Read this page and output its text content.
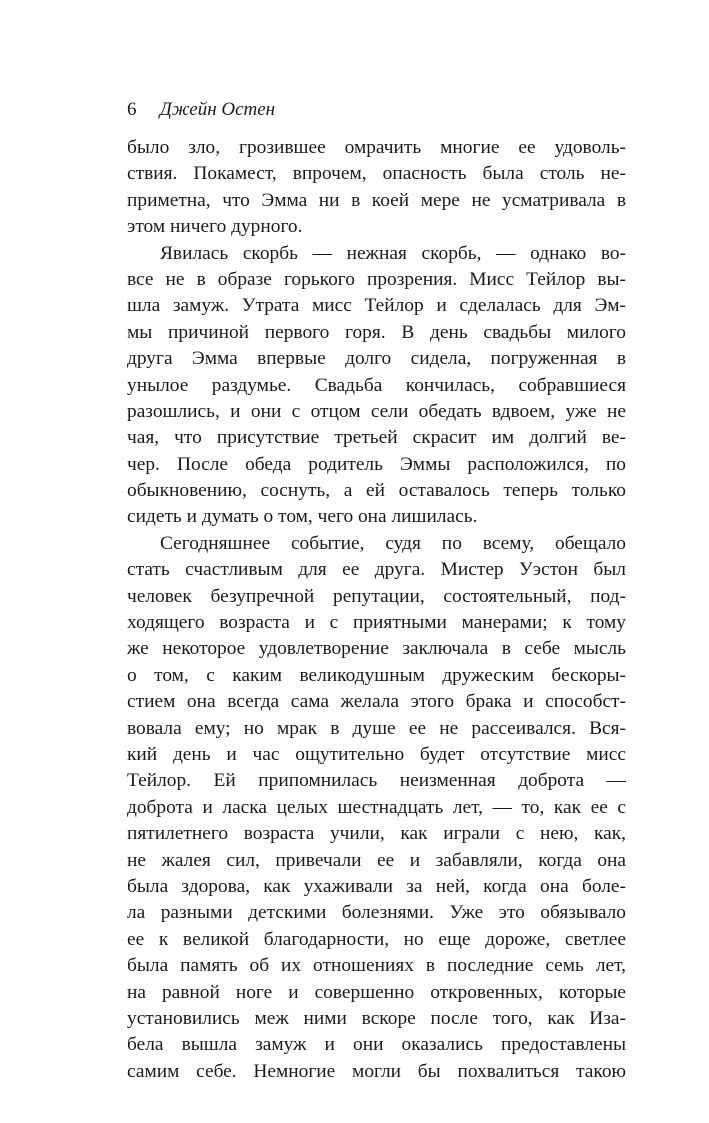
6 Джейн Остен
было зло, грозившее омрачить многие ее удоволь-
ствия. Покамест, впрочем, опасность была столь не-
приметна, что Эмма ни в коей мере не усматривала в
этом ничего дурного.
Явилась скорбь — нежная скорбь, — однако во-
все не в образе горького прозрения. Мисс Тейлор вы-
шла замуж. Утрата мисс Тейлор и сделалась для Эм-
мы причиной первого горя. В день свадьбы милого
друга Эмма впервые долго сидела, погруженная в
унылое раздумье. Свадьба кончилась, собравшиеся
разошлись, и они с отцом сели обедать вдвоем, уже не
чая, что присутствие третьей скрасит им долгий ве-
чер. После обеда родитель Эммы расположился, по
обыкновению, соснуть, а ей оставалось теперь только
сидеть и думать о том, чего она лишилась.
Сегодняшнее событие, судя по всему, обещало
стать счастливым для ее друга. Мистер Уэстон был
человек безупречной репутации, состоятельный, под-
ходящего возраста и с приятными манерами; к тому
же некоторое удовлетворение заключала в себе мысль
о том, с каким великодушным дружеским бескоры-
стием она всегда сама желала этого брака и способст-
вовала ему; но мрак в душе ее не рассеивался. Вся-
кий день и час ощутительно будет отсутствие мисс
Тейлор. Ей припомнилась неизменная доброта —
доброта и ласка целых шестнадцать лет, — то, как ее с
пятилетнего возраста учили, как играли с нею, как,
не жалея сил, привечали ее и забавляли, когда она
была здорова, как ухаживали за ней, когда она боле-
ла разными детскими болезнями. Уже это обязывало
ее к великой благодарности, но еще дороже, светлее
была память об их отношениях в последние семь лет,
на равной ноге и совершенно откровенных, которые
установились меж ними вскоре после того, как Иза-
бела вышла замуж и они оказались предоставлены
самим себе. Немногие могли бы похвалиться такою
